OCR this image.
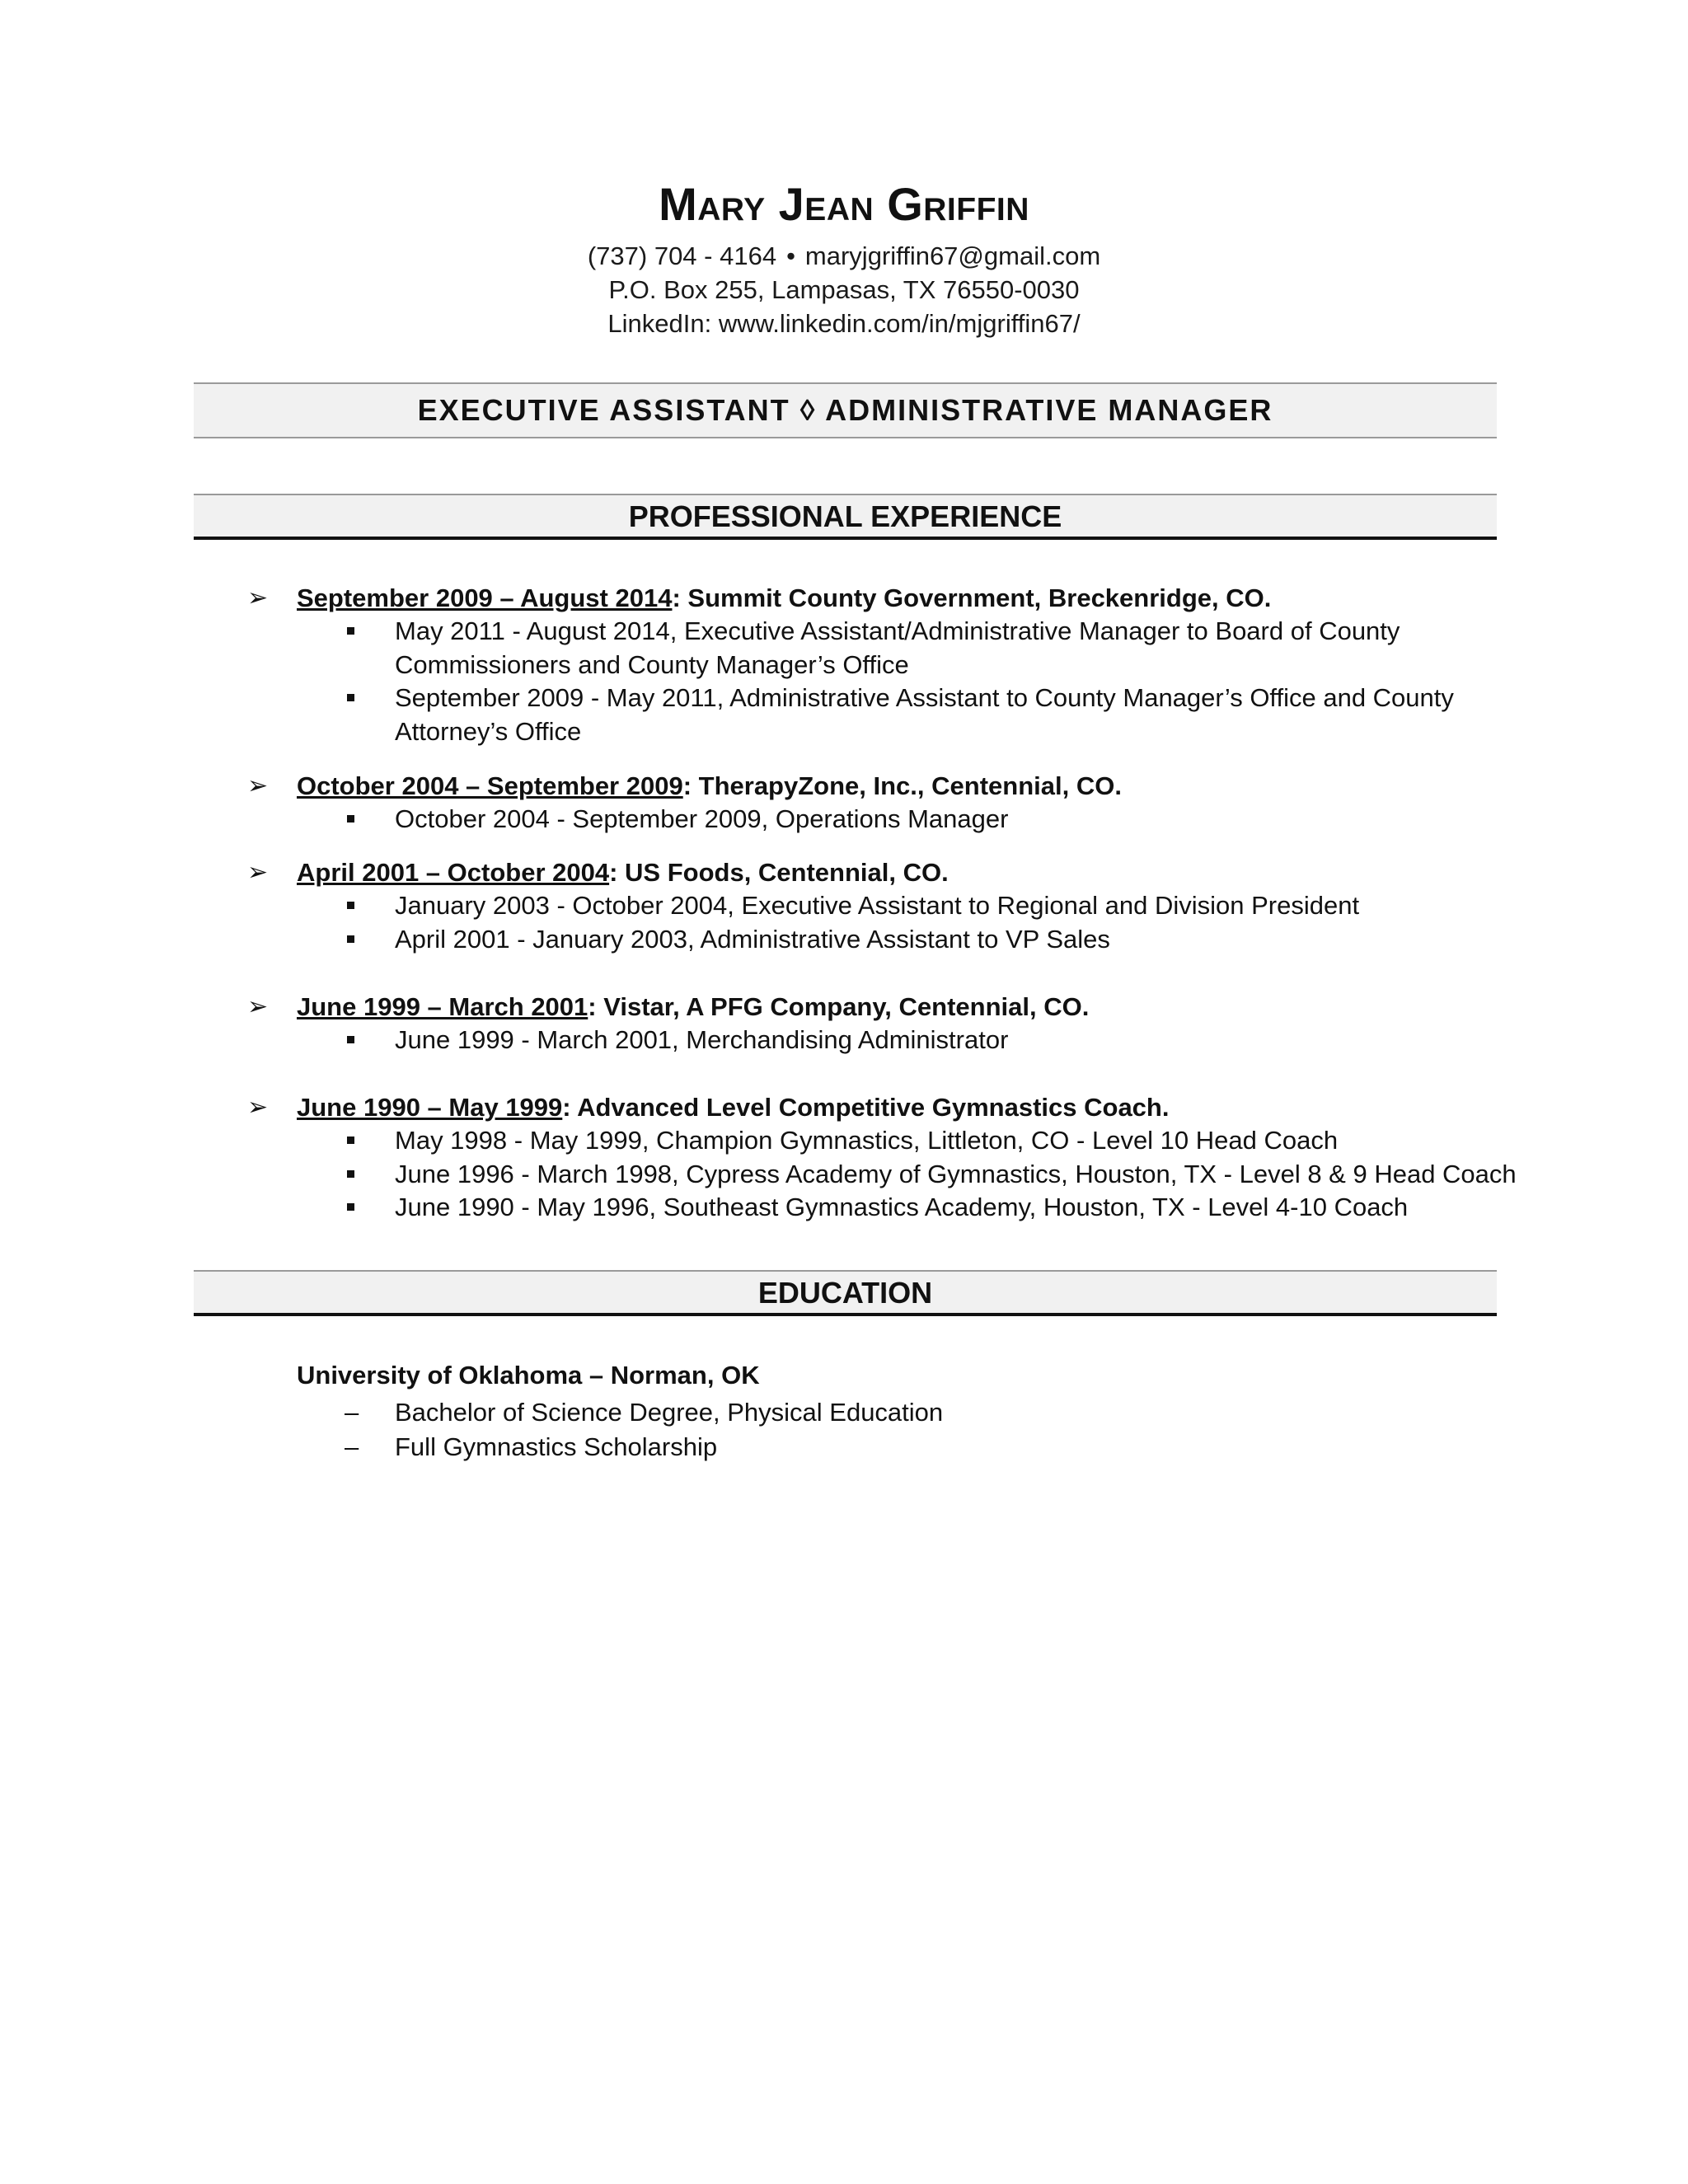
Mary Jean Griffin
(737) 704 - 4164 • maryjgriffin67@gmail.com
P.O. Box 255, Lampasas, TX 76550-0030
LinkedIn: www.linkedin.com/in/mjgriffin67/
EXECUTIVE ASSISTANT ◊ ADMINISTRATIVE MANAGER
PROFESSIONAL EXPERIENCE
➢ September 2009 – August 2014: Summit County Government, Breckenridge, CO.
May 2011 - August 2014, Executive Assistant/Administrative Manager to Board of County Commissioners and County Manager’s Office
September 2009 - May 2011, Administrative Assistant to County Manager’s Office and County Attorney’s Office
➢ October 2004 – September 2009: TherapyZone, Inc., Centennial, CO.
October 2004 - September 2009, Operations Manager
➢ April 2001 – October 2004: US Foods, Centennial, CO.
January 2003 - October 2004, Executive Assistant to Regional and Division President
April 2001 - January 2003, Administrative Assistant to VP Sales
➢ June 1999 – March 2001: Vistar, A PFG Company, Centennial, CO.
June 1999 - March 2001, Merchandising Administrator
➢ June 1990 – May 1999: Advanced Level Competitive Gymnastics Coach.
May 1998 - May 1999, Champion Gymnastics, Littleton, CO - Level 10 Head Coach
June 1996 - March 1998, Cypress Academy of Gymnastics, Houston, TX - Level 8 & 9 Head Coach
June 1990 - May 1996, Southeast Gymnastics Academy, Houston, TX - Level 4-10 Coach
EDUCATION
University of Oklahoma – Norman, OK
– Bachelor of Science Degree, Physical Education
– Full Gymnastics Scholarship
